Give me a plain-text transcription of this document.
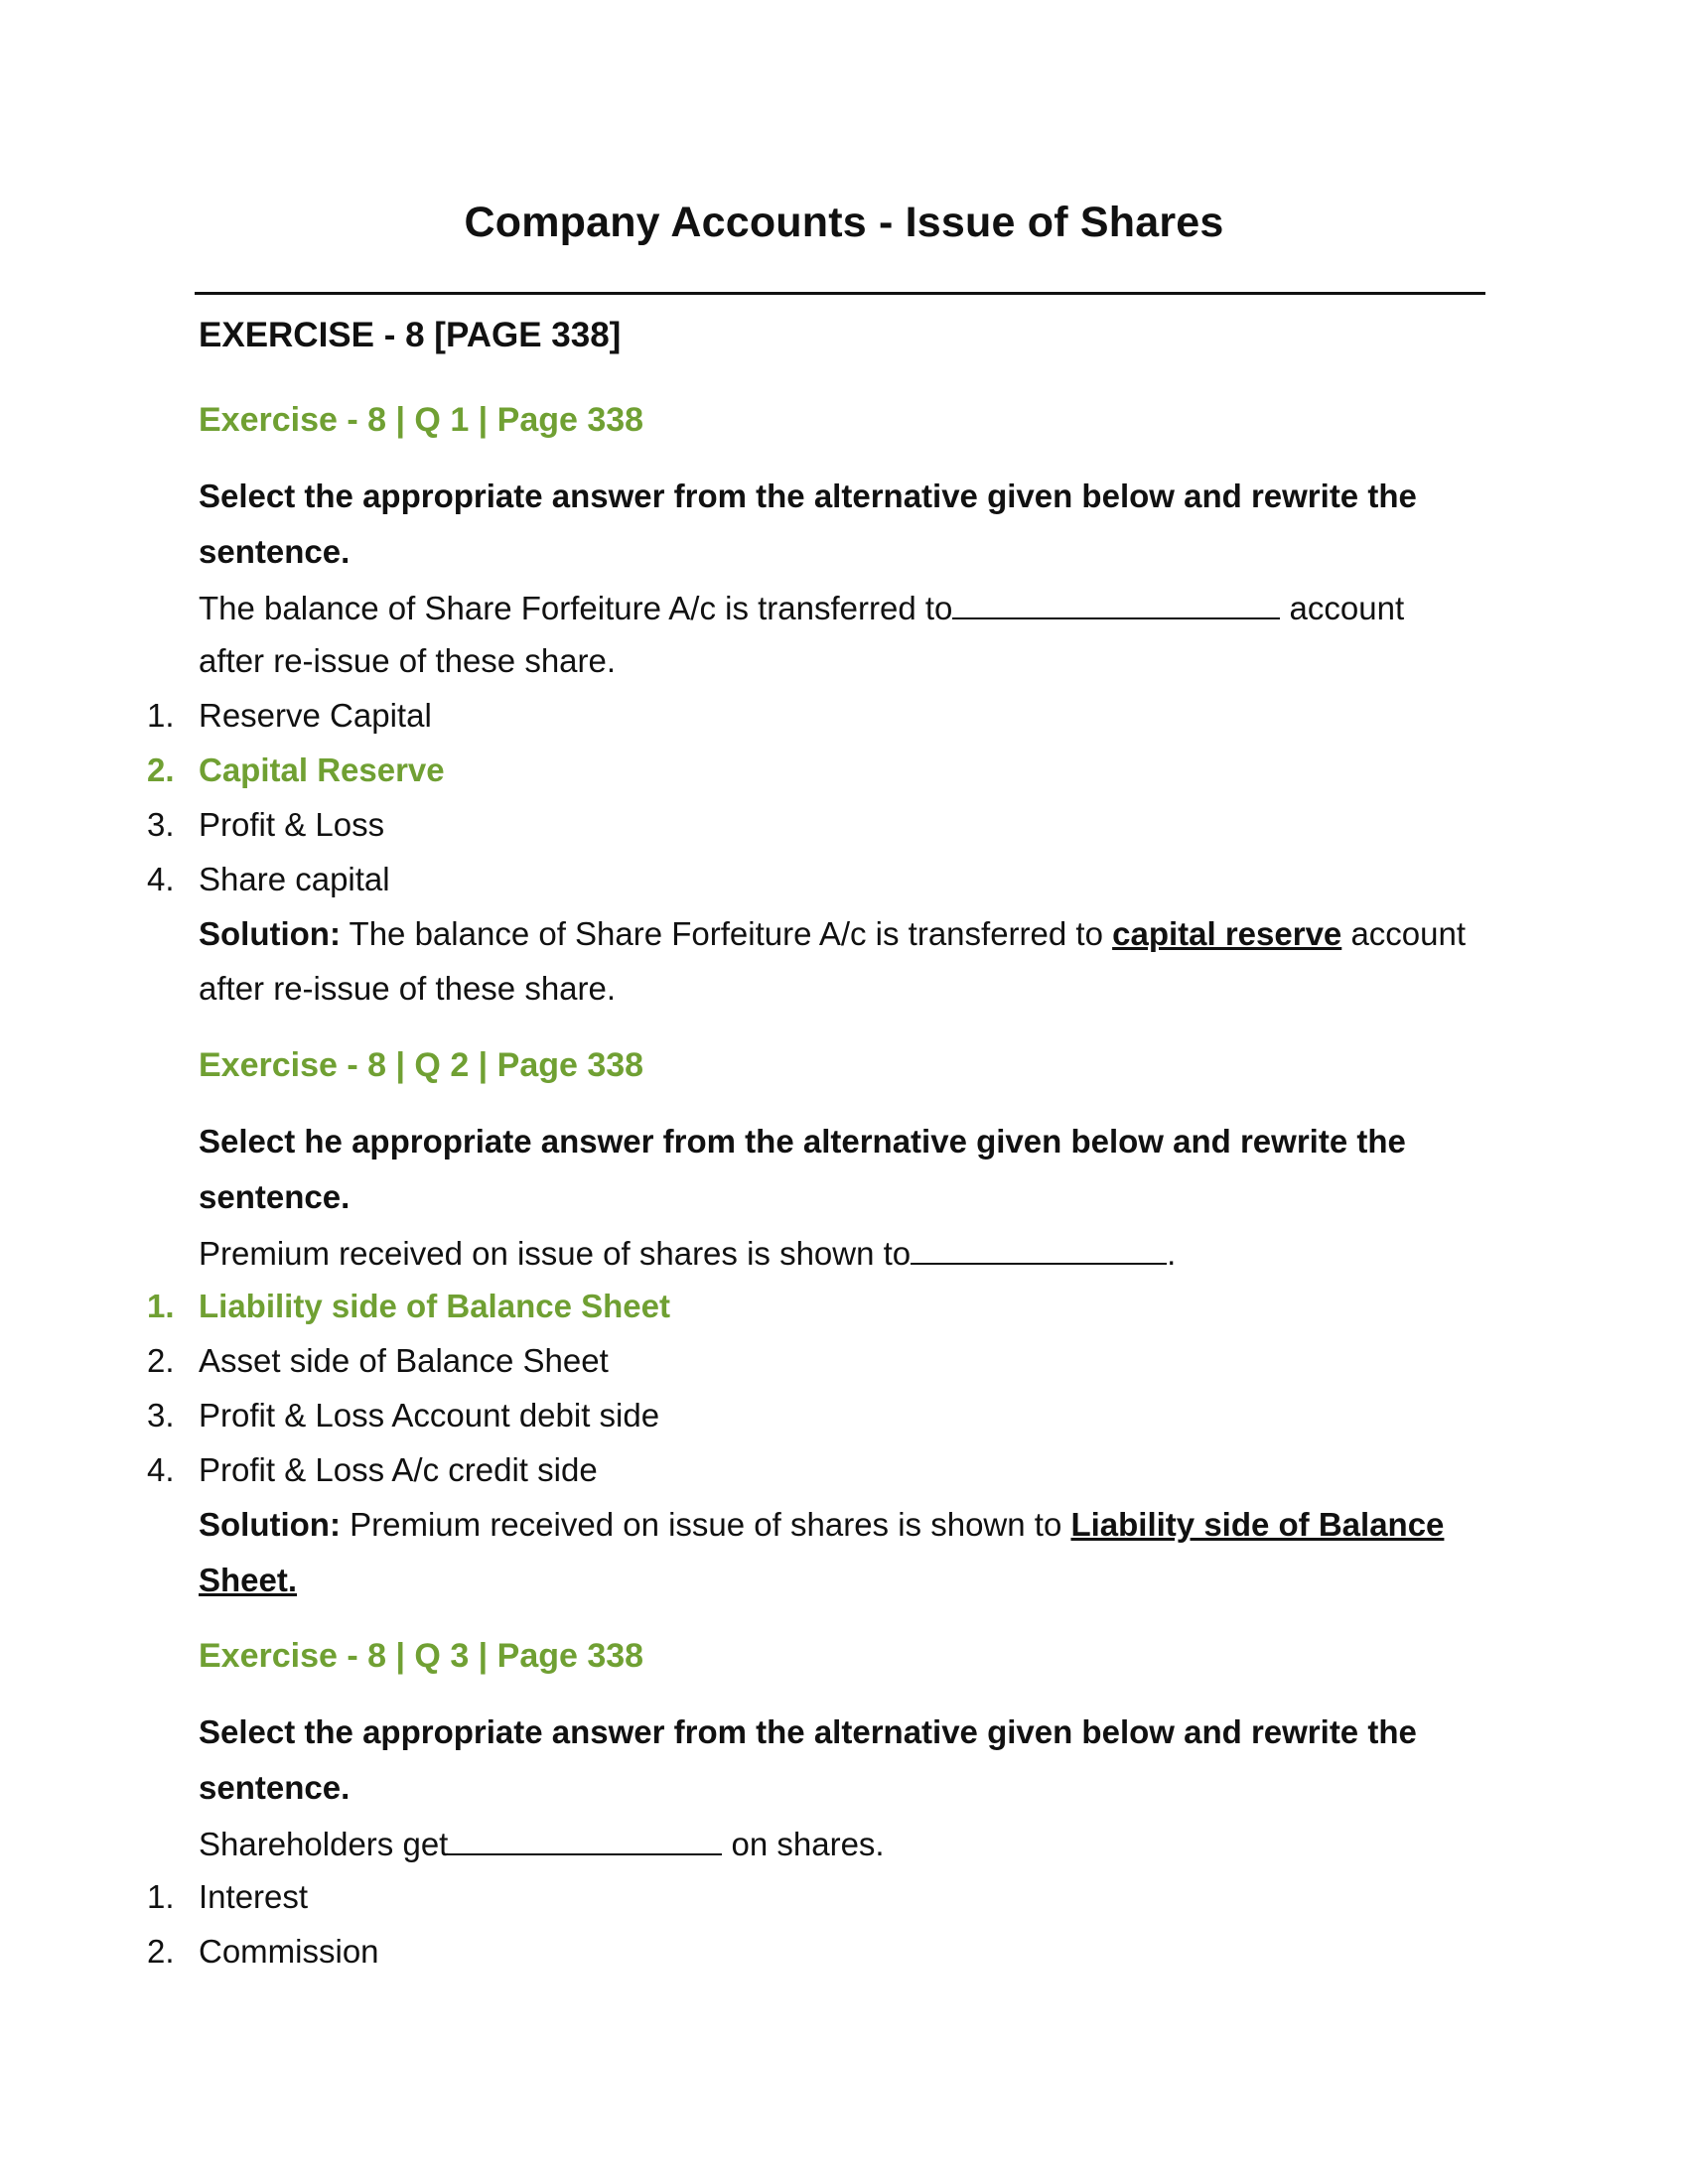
Company Accounts - Issue of Shares
EXERCISE - 8 [PAGE 338]
Exercise - 8 | Q 1 | Page 338
Select the appropriate answer from the alternative given below and rewrite the
sentence.
The balance of Share Forfeiture A/c is transferred to	account
after re-issue of these share.
1. Reserve Capital
2. Capital Reserve
3. Profit & Loss
4. Share capital
Solution: The balance of Share Forfeiture A/c is transferred to capital reserve account
after re-issue of these share.
Exercise - 8 | Q 2 | Page 338
Select he appropriate answer from the alternative given below and rewrite the
sentence.
Premium received on issue of shares is shown to	.
1. Liability side of Balance Sheet
2. Asset side of Balance Sheet
3. Profit & Loss Account debit side
4. Profit & Loss A/c credit side
Solution: Premium received on issue of shares is shown to Liability side of Balance
Sheet.
Exercise - 8 | Q 3 | Page 338
Select the appropriate answer from the alternative given below and rewrite the
sentence.
Shareholders get	on shares.
1. Interest
2. Commission
